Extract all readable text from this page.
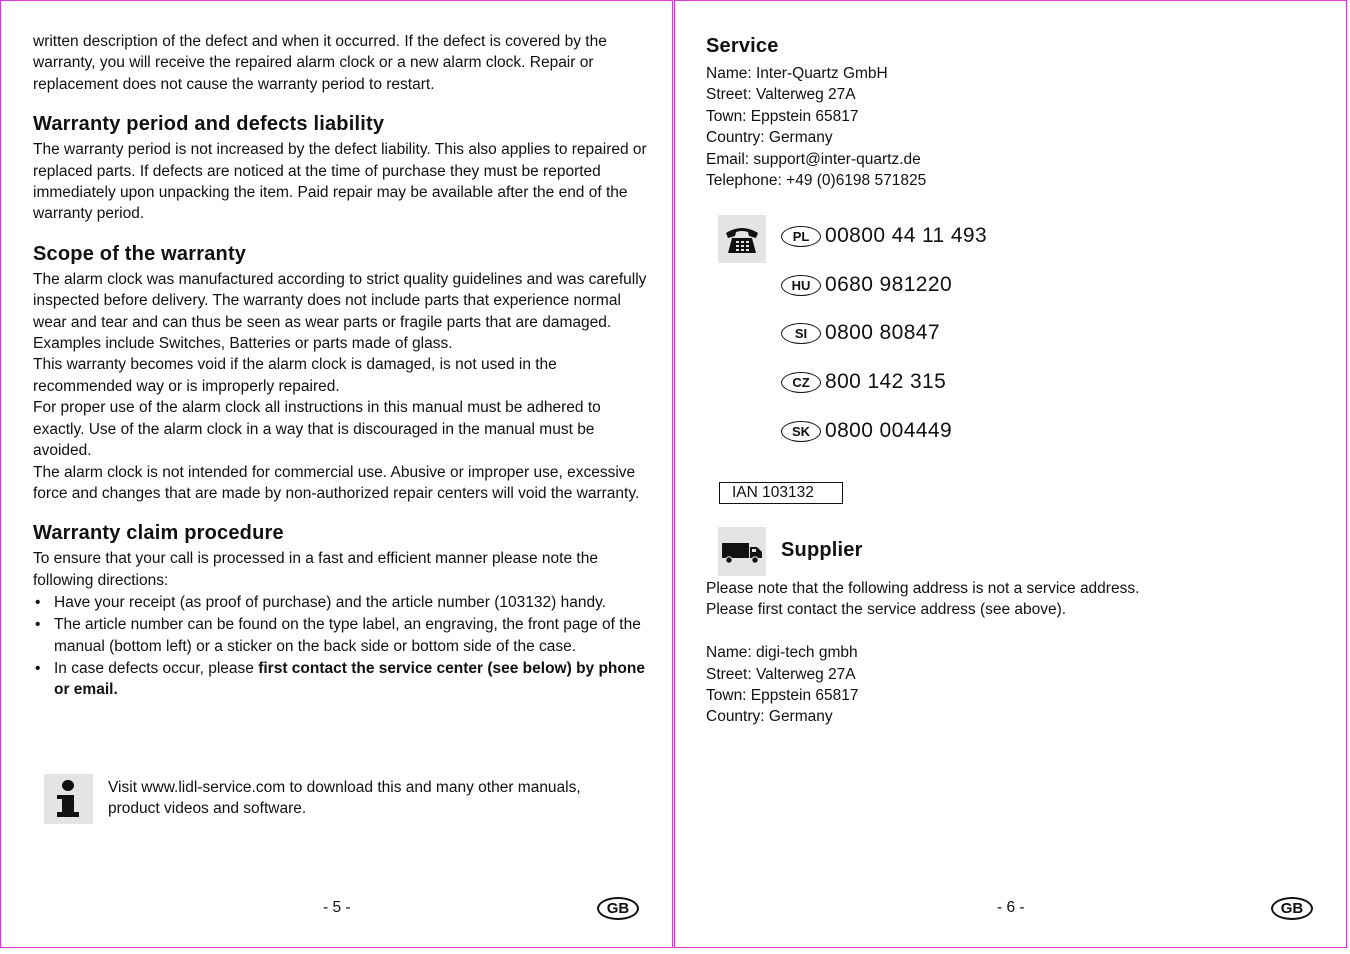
written description of the defect and when it occurred. If the defect is covered by the warranty, you will receive the repaired alarm clock or a new alarm clock. Repair or replacement does not cause the warranty period to restart.

Warranty period and defects liability

The warranty period is not increased by the defect liability. This also applies to repaired or replaced parts. If defects are noticed at the time of purchase they must be reported immediately upon unpacking the item. Paid repair may be available after the end of the warranty period.

Scope of the warranty

The alarm clock was manufactured according to strict quality guidelines and was carefully inspected before delivery. The warranty does not include parts that experience normal wear and tear and can thus be seen as wear parts or fragile parts that are damaged. Examples include Switches, Batteries or parts made of glass.

This warranty becomes void if the alarm clock is damaged, is not used in the recommended way or is improperly repaired.

For proper use of the alarm clock all instructions in this manual must be adhered to exactly. Use of the alarm clock in a way that is discouraged in the manual must be avoided.

The alarm clock is not intended for commercial use. Abusive or improper use, excessive force and changes that are made by non-authorized repair centers will void the warranty.

Warranty claim procedure

To ensure that your call is processed in a fast and efficient manner please note the following directions:

• Have your receipt (as proof of purchase) and the article number (103132) handy.
• The article number can be found on the type label, an engraving, the front page of the manual (bottom left) or a sticker on the back side or bottom side of the case.
• In case defects occur, please first contact the service center (see below) by phone or email.

Visit www.lidl-service.com to download this and many other manuals, product videos and software.

- 5 -	GB
Service

Name: Inter-Quartz GmbH

Street: Valterweg 27A

Town: Eppstein 65817

Country: Germany

Email: support@inter-quartz.de

Telephone: +49 (0)6198 571825

PL 00800 44 11 493
HU 0680 981220
SI 0800 80847
CZ 800 142 315
SK 0800 004449
IAN 103132
Supplier

Please note that the following address is not a service address.

Please first contact the service address (see above).

Name: digi-tech gmbh

Street: Valterweg 27A

Town: Eppstein 65817

Country: Germany

- 6 -	GB
